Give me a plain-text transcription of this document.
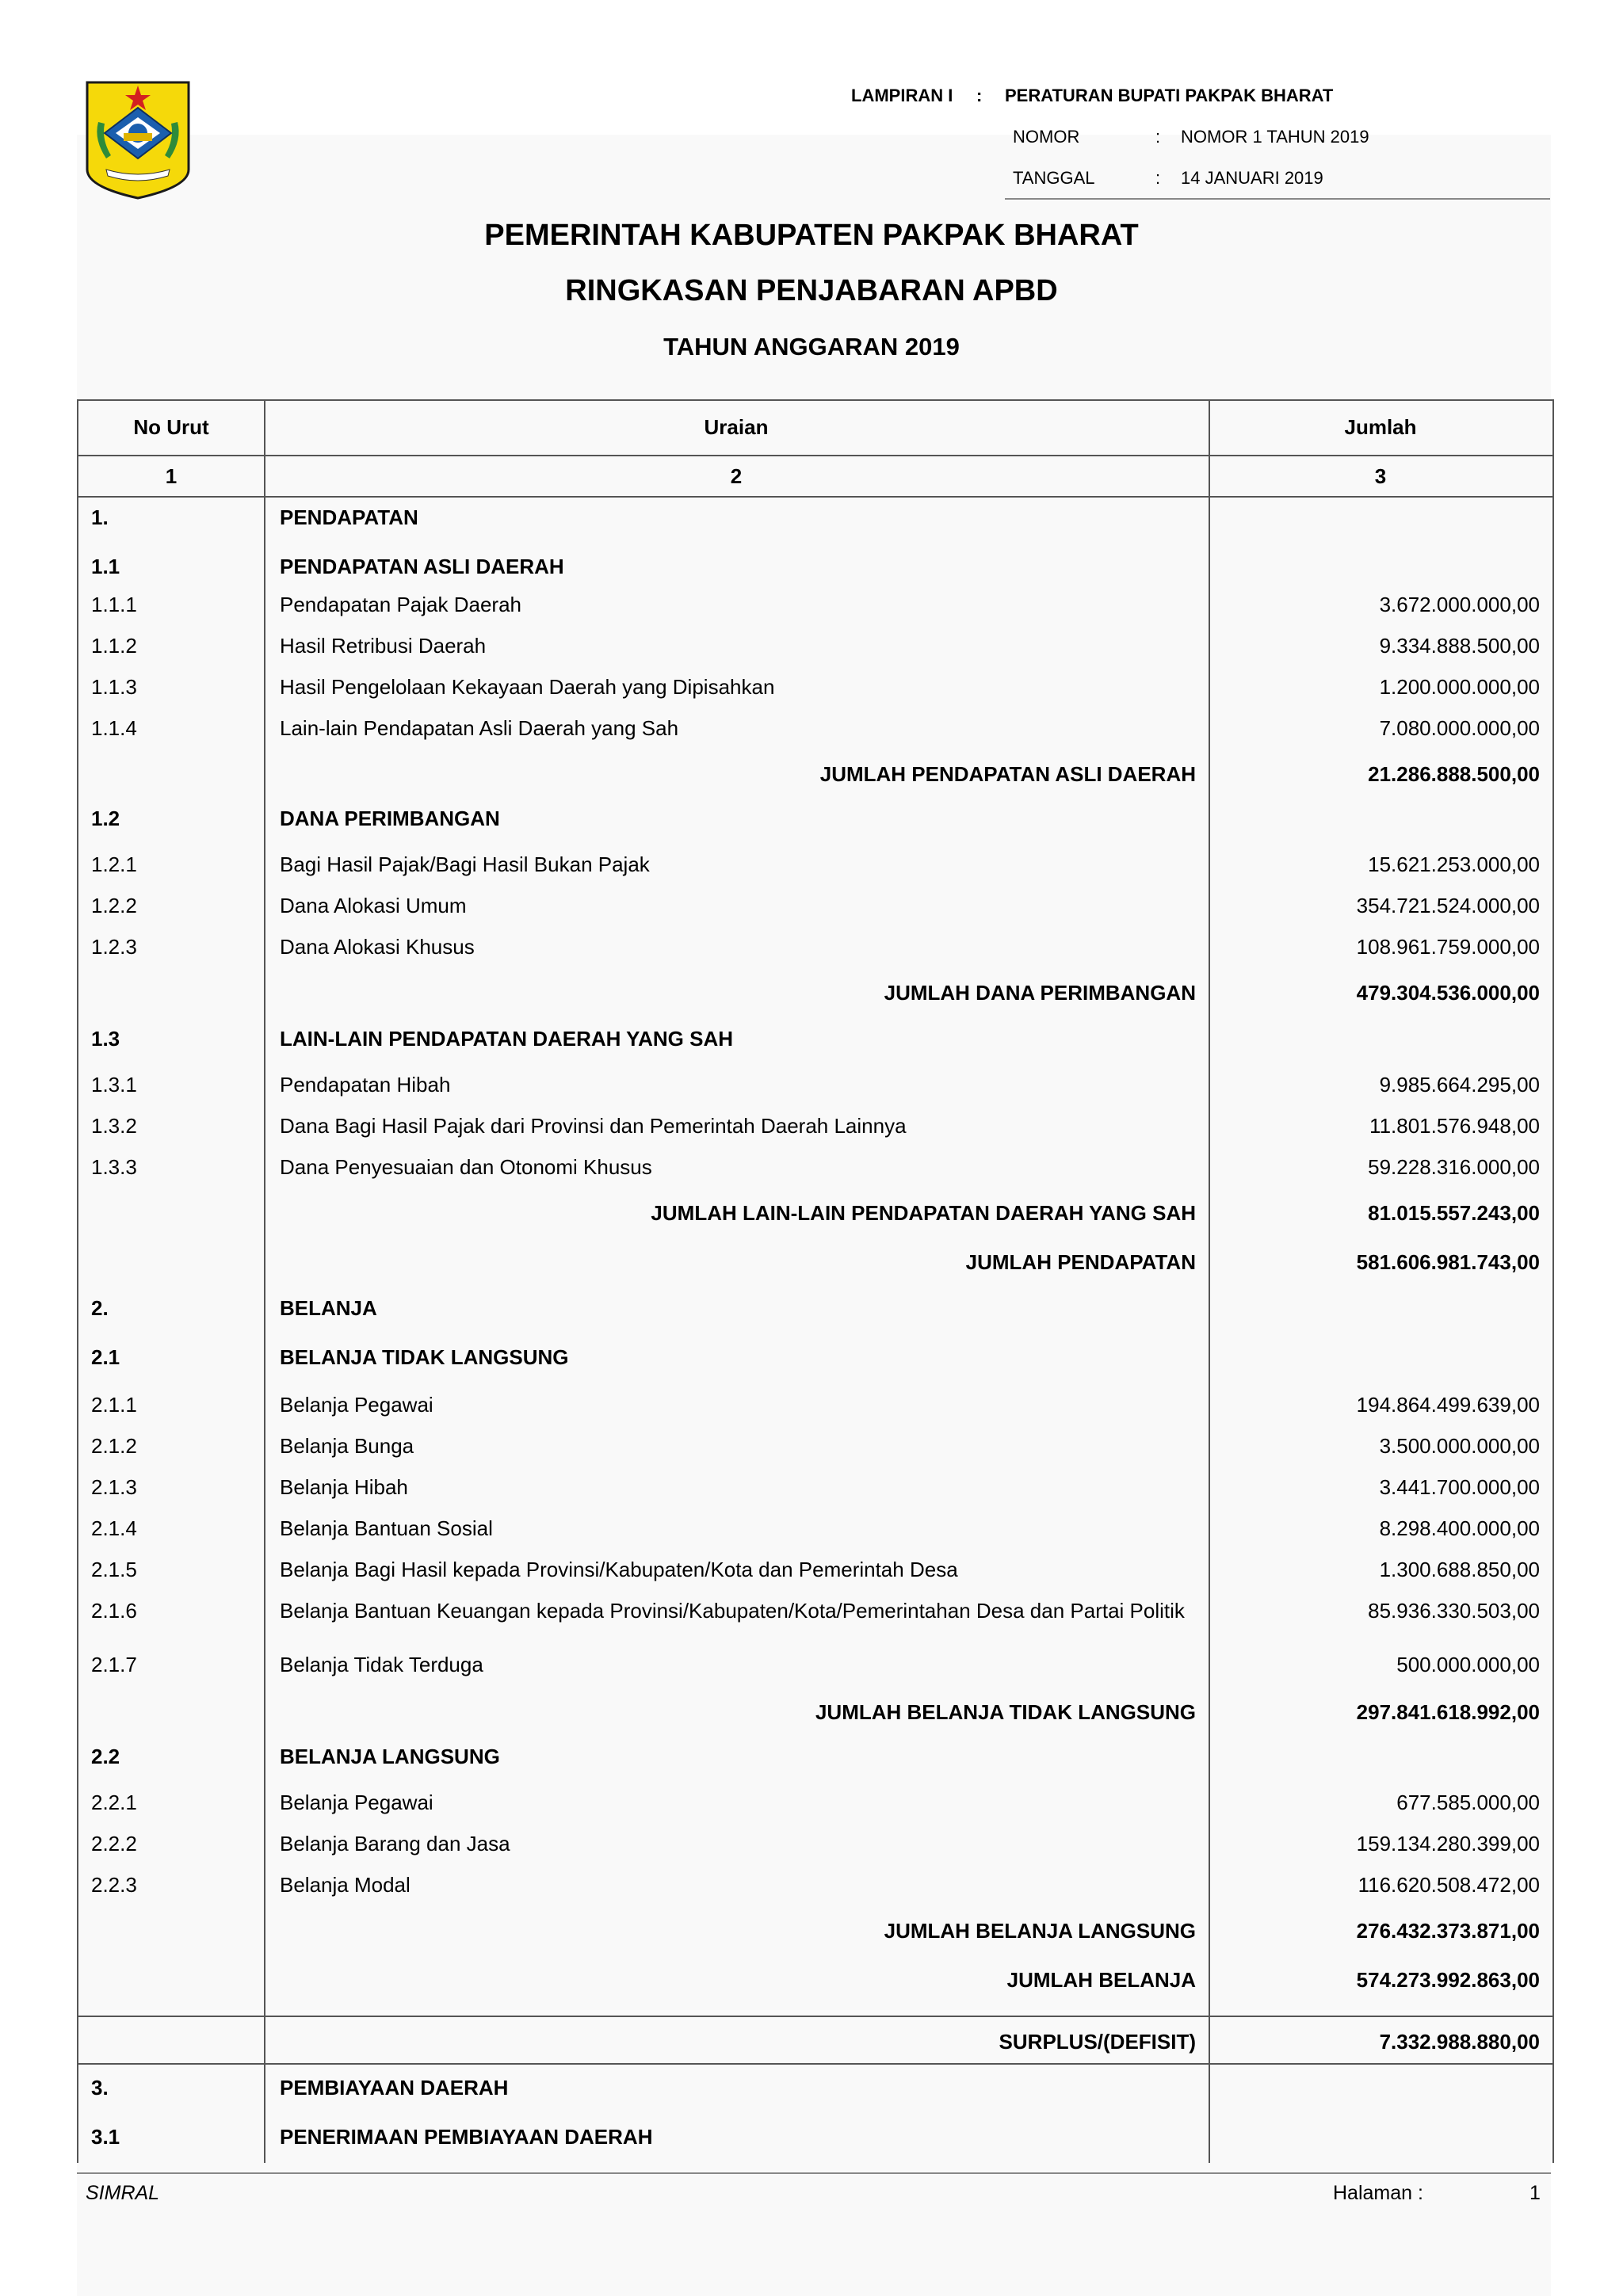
LAMPIRAN I : PERATURAN BUPATI PAKPAK BHARAT
NOMOR	: NOMOR 1 TAHUN 2019
TANGGAL	: 14 JANUARI 2019
PEMERINTAH KABUPATEN PAKPAK BHARAT
RINGKASAN PENJABARAN APBD
TAHUN ANGGARAN 2019
No Urut	Uraian	Jumlah
1	2	3
1.	PENDAPATAN
1.1	PENDAPATAN ASLI DAERAH
1.1.1	Pendapatan Pajak Daerah	3.672.000.000,00
1.1.2	Hasil Retribusi Daerah	9.334.888.500,00
1.1.3	Hasil Pengelolaan Kekayaan Daerah yang Dipisahkan	1.200.000.000,00
1.1.4	Lain-lain Pendapatan Asli Daerah yang Sah	7.080.000.000,00
JUMLAH PENDAPATAN ASLI DAERAH	21.286.888.500,00
1.2	DANA PERIMBANGAN
1.2.1	Bagi Hasil Pajak/Bagi Hasil Bukan Pajak	15.621.253.000,00
1.2.2	Dana Alokasi Umum	354.721.524.000,00
1.2.3	Dana Alokasi Khusus	108.961.759.000,00
JUMLAH DANA PERIMBANGAN	479.304.536.000,00
1.3	LAIN-LAIN PENDAPATAN DAERAH YANG SAH
1.3.1	Pendapatan Hibah	9.985.664.295,00
1.3.2	Dana Bagi Hasil Pajak dari Provinsi dan Pemerintah Daerah Lainnya	11.801.576.948,00
1.3.3	Dana Penyesuaian dan Otonomi Khusus	59.228.316.000,00
JUMLAH LAIN-LAIN PENDAPATAN DAERAH YANG SAH	81.015.557.243,00
JUMLAH PENDAPATAN	581.606.981.743,00
2.	BELANJA
2.1	BELANJA TIDAK LANGSUNG
2.1.1	Belanja Pegawai	194.864.499.639,00
2.1.2	Belanja Bunga	3.500.000.000,00
2.1.3	Belanja Hibah	3.441.700.000,00
2.1.4	Belanja Bantuan Sosial	8.298.400.000,00
2.1.5	Belanja Bagi Hasil kepada Provinsi/Kabupaten/Kota dan Pemerintah Desa	1.300.688.850,00
2.1.6	Belanja Bantuan Keuangan kepada Provinsi/Kabupaten/Kota/Pemerintahan Desa dan Partai Politik	85.936.330.503,00
2.1.7	Belanja Tidak Terduga	500.000.000,00
JUMLAH BELANJA TIDAK LANGSUNG	297.841.618.992,00
2.2	BELANJA LANGSUNG
2.2.1	Belanja Pegawai	677.585.000,00
2.2.2	Belanja Barang dan Jasa	159.134.280.399,00
2.2.3	Belanja Modal	116.620.508.472,00
JUMLAH BELANJA LANGSUNG	276.432.373.871,00
JUMLAH BELANJA	574.273.992.863,00
SURPLUS/(DEFISIT)	7.332.988.880,00
3.	PEMBIAYAAN DAERAH
3.1	PENERIMAAN PEMBIAYAAN DAERAH
SIMRAL	Halaman :	1
